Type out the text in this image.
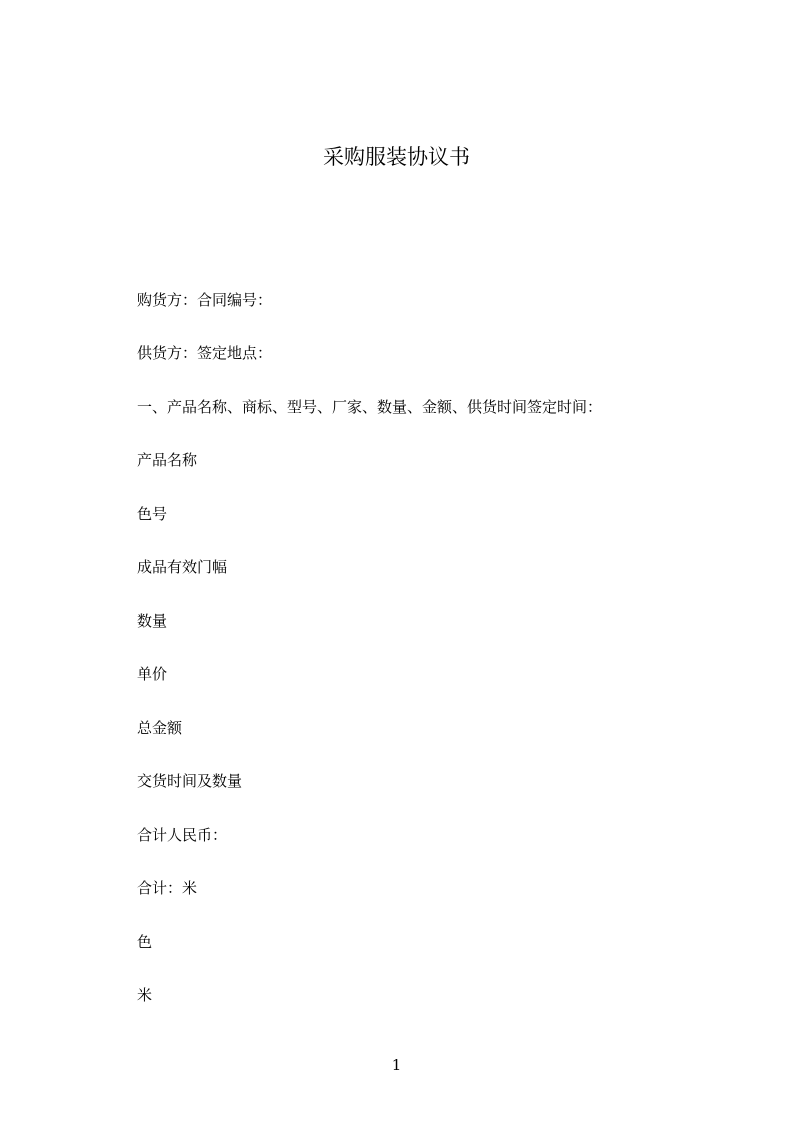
采购服装协议书
购货方：合同编号：
供货方：签定地点：
一、产品名称、商标、型号、厂家、数量、金额、供货时间签定时间：
产品名称
色号
成品有效门幅
数量
单价
总金额
交货时间及数量
合计人民币：
合计：米
色
米
1
